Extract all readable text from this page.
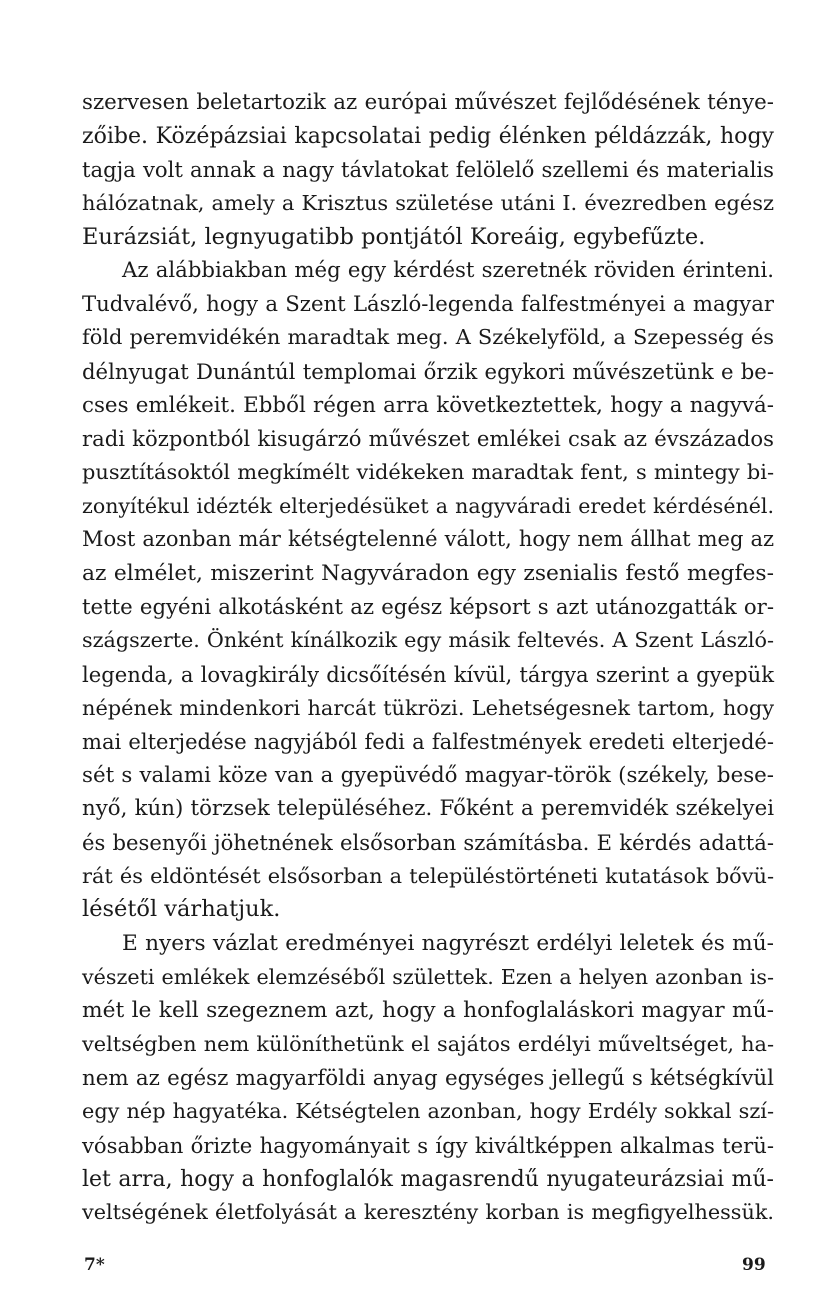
szervesen beletartozik az európai művészet fejlődésének ténye-
zőibe. Középázsiai kapcsolatai pedig élénken példázzák, hogy
tagja volt annak a nagy távlatokat felölelő szellemi és materialis
hálózatnak, amely a Krisztus születése utáni I. évezredben egész
Eurázsiát, legnyugatibb pontjától Koreáig, egybefűzte.
Az alábbiakban még egy kérdést szeretnék röviden érinteni.
Tudvalévő, hogy a Szent László-legenda falfestményei a magyar
föld peremvidékén maradtak meg. A Székelyföld, a Szepesség és
délnyugat Dunántúl templomai őrzik egykori művészetünk e be-
cses emlékeit. Ebből régen arra következtettek, hogy a nagyvá-
radi központból kisugárzó művészet emlékei csak az évszázados
pusztításoktól megkímélt vidékeken maradtak fent, s mintegy bi-
zonyítékul idézték elterjedésüket a nagyváradi eredet kérdésénél.
Most azonban már kétségtelenné válott, hogy nem állhat meg az
az elmélet, miszerint Nagyváradon egy zsenialis festő megfes-
tette egyéni alkotásként az egész képsort s azt utánozgatták or-
szágszerte. Önként kínálkozik egy másik feltevés. A Szent László-
legenda, a lovagkirály dicsőítésén kívül, tárgya szerint a gyepük
népének mindenkori harcát tükrözi. Lehetségesnek tartom, hogy
mai elterjedése nagyjából fedi a falfestmények eredeti elterjedé-
sét s valami köze van a gyepüvédő magyar-török (székely, bese-
nyő, kún) törzsek településéhez. Főként a peremvidék székelyei
és besenyői jöhetnének elsősorban számításba. E kérdés adattá-
rát és eldöntését elsősorban a településtörténeti kutatások bővü-
lésétől várhatjuk.
E nyers vázlat eredményei nagyrészt erdélyi leletek és mű-
vészeti emlékek elemzéséből születtek. Ezen a helyen azonban is-
mét le kell szegeznem azt, hogy a honfoglaláskori magyar mű-
veltségben nem különíthetünk el sajátos erdélyi műveltséget, ha-
nem az egész magyarföldi anyag egységes jellegű s kétségkívül
egy nép hagyatéka. Kétségtelen azonban, hogy Erdély sokkal szí-
vósabban őrizte hagyományait s így kiváltképpen alkalmas terü-
let arra, hogy a honfoglalók magasrendű nyugateurázsiai mű-
veltségének életfolyását a keresztény korban is megfigyelhessük.
7*	99
